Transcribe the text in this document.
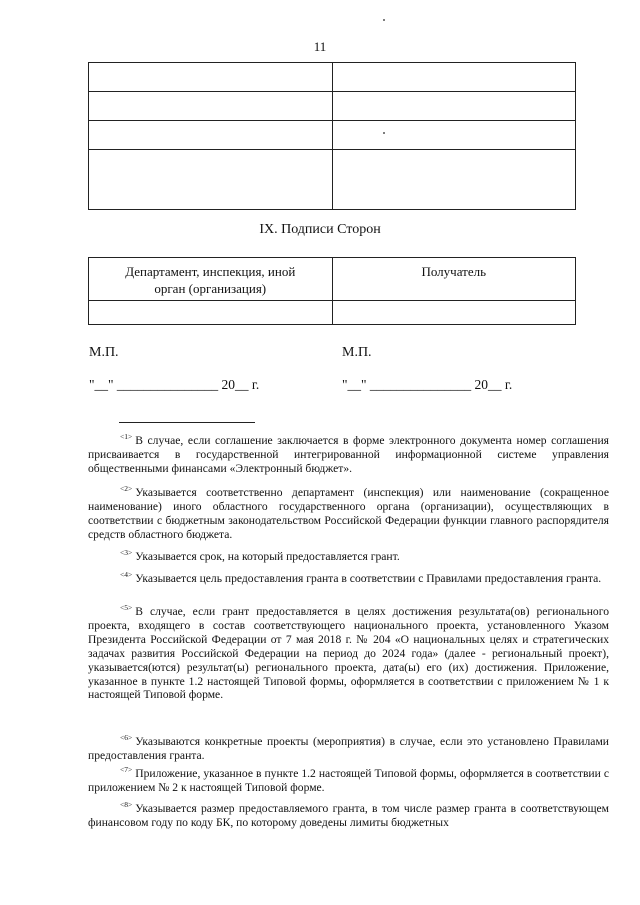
11

IX. Подписи Сторон
Департамент, инспекция, иной орган (организация)	Получатель

М.П.	М.П.
"__" _______________ 20__ г.	"__" _______________ 20__ г.

$^{<1>}$ В случае, если соглашение заключается в форме электронного документа номер соглашения присваивается в государственной интегрированной информационной системе управления общественными финансами «Электронный бюджет».

$^{<2>}$ Указывается соответственно департамент (инспекция) или наименование (сокращенное наименование) иного областного государственного органа (организации), осуществляющих в соответствии с бюджетным законодательством Российской Федерации функции главного распорядителя средств областного бюджета.

$^{<3>}$ Указывается срок, на который предоставляется грант.

$^{<4>}$ Указывается цель предоставления гранта в соответствии с Правилами предоставления гранта.

$^{<5>}$ В случае, если грант предоставляется в целях достижения результата(ов) регионального проекта, входящего в состав соответствующего национального проекта, установленного Указом Президента Российской Федерации от 7 мая 2018 г. № 204 «О национальных целях и стратегических задачах развития Российской Федерации на период до 2024 года» (далее - региональный проект), указывается(ются) результат(ы) регионального проекта, дата(ы) его (их) достижения. Приложение, указанное в пункте 1.2 настоящей Типовой формы, оформляется в соответствии с приложением № 1 к настоящей Типовой форме.

$^{<6>}$ Указываются конкретные проекты (мероприятия) в случае, если это установлено Правилами предоставления гранта.

$^{<7>}$ Приложение, указанное в пункте 1.2 настоящей Типовой формы, оформляется в соответствии с приложением № 2 к настоящей Типовой форме.

$^{<8>}$ Указывается размер предоставляемого гранта, в том числе размер гранта в соответствующем финансовом году по коду БК, по которому доведены лимиты бюджетных
